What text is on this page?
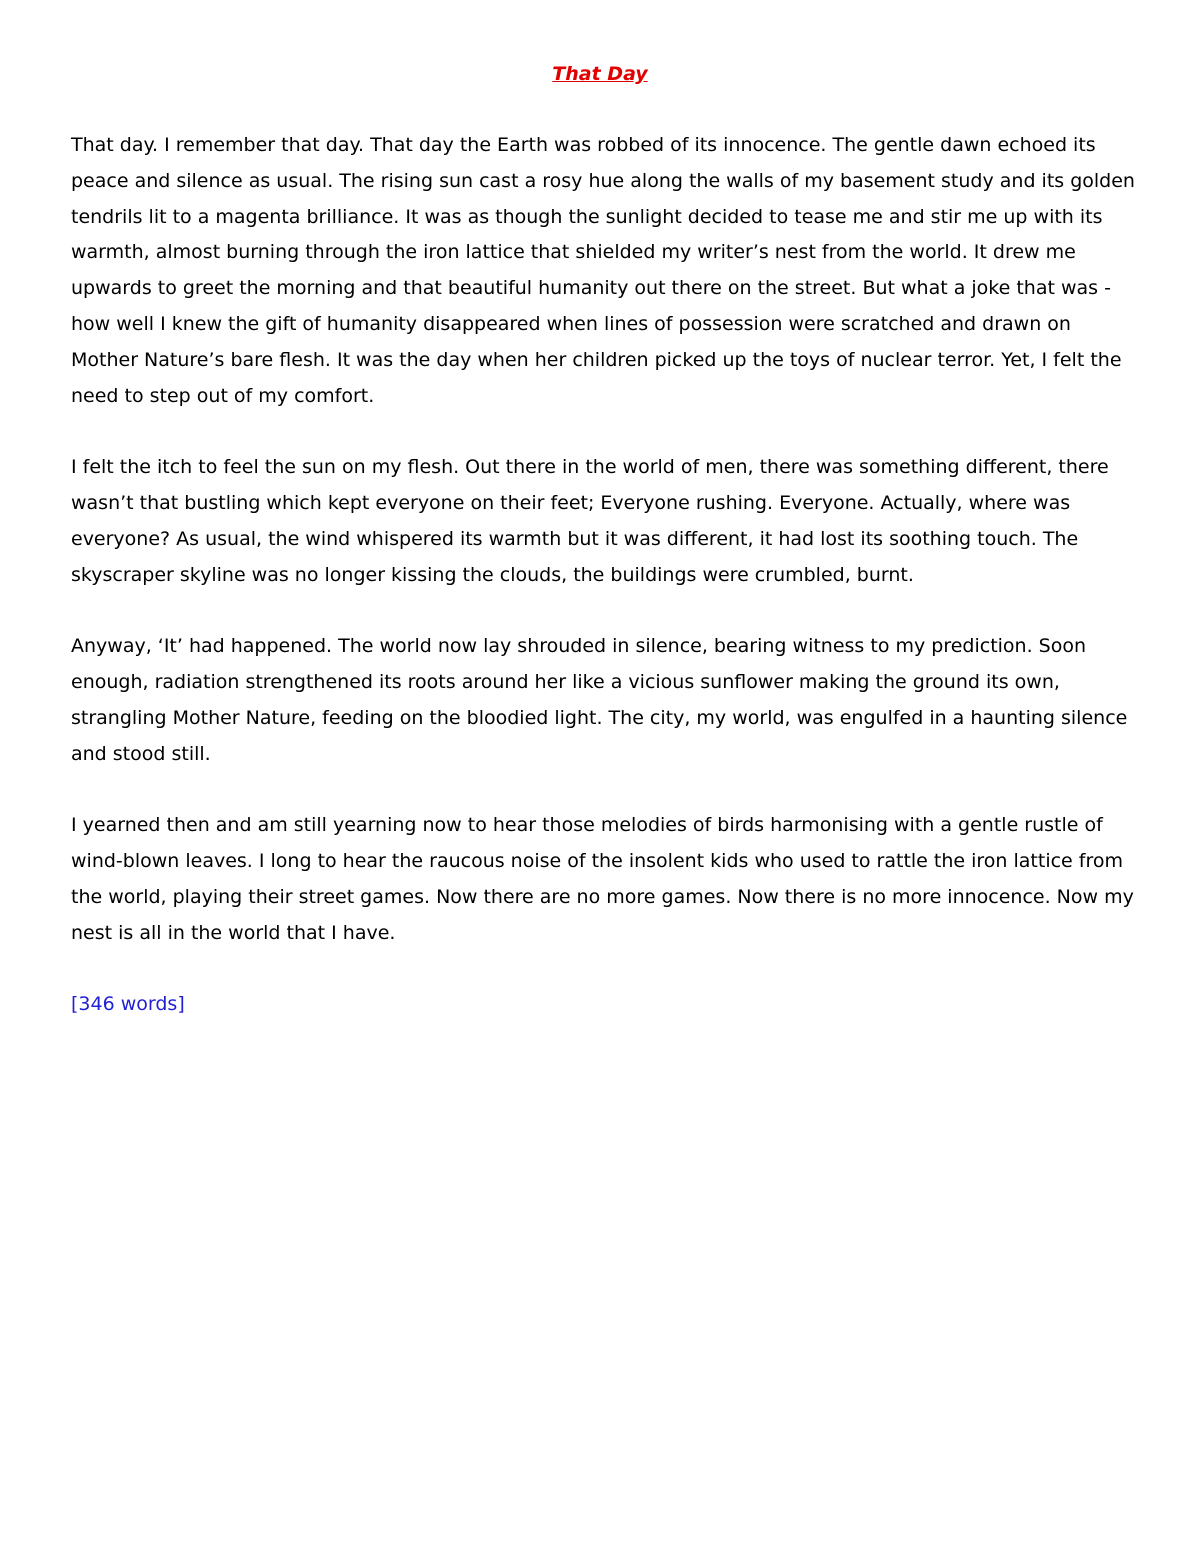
That Day

That day. I remember that day. That day the Earth was robbed of its innocence. The gentle dawn echoed its peace and silence as usual. The rising sun cast a rosy hue along the walls of my basement study and its golden tendrils lit to a magenta brilliance. It was as though the sunlight decided to tease me and stir me up with its warmth, almost burning through the iron lattice that shielded my writer’s nest from the world. It drew me upwards to greet the morning and that beautiful humanity out there on the street. But what a joke that was - how well I knew the gift of humanity disappeared when lines of possession were scratched and drawn on Mother Nature’s bare flesh. It was the day when her children picked up the toys of nuclear terror. Yet, I felt the need to step out of my comfort.

I felt the itch to feel the sun on my flesh. Out there in the world of men, there was something different, there wasn’t that bustling which kept everyone on their feet; Everyone rushing. Everyone. Actually, where was everyone? As usual, the wind whispered its warmth but it was different, it had lost its soothing touch. The skyscraper skyline was no longer kissing the clouds, the buildings were crumbled, burnt.

Anyway, ‘It’ had happened. The world now lay shrouded in silence, bearing witness to my prediction. Soon enough, radiation strengthened its roots around her like a vicious sunflower making the ground its own, strangling Mother Nature, feeding on the bloodied light. The city, my world, was engulfed in a haunting silence and stood still.

I yearned then and am still yearning now to hear those melodies of birds harmonising with a gentle rustle of wind-blown leaves. I long to hear the raucous noise of the insolent kids who used to rattle the iron lattice from the world, playing their street games. Now there are no more games. Now there is no more innocence. Now my nest is all in the world that I have.

[346 words]
